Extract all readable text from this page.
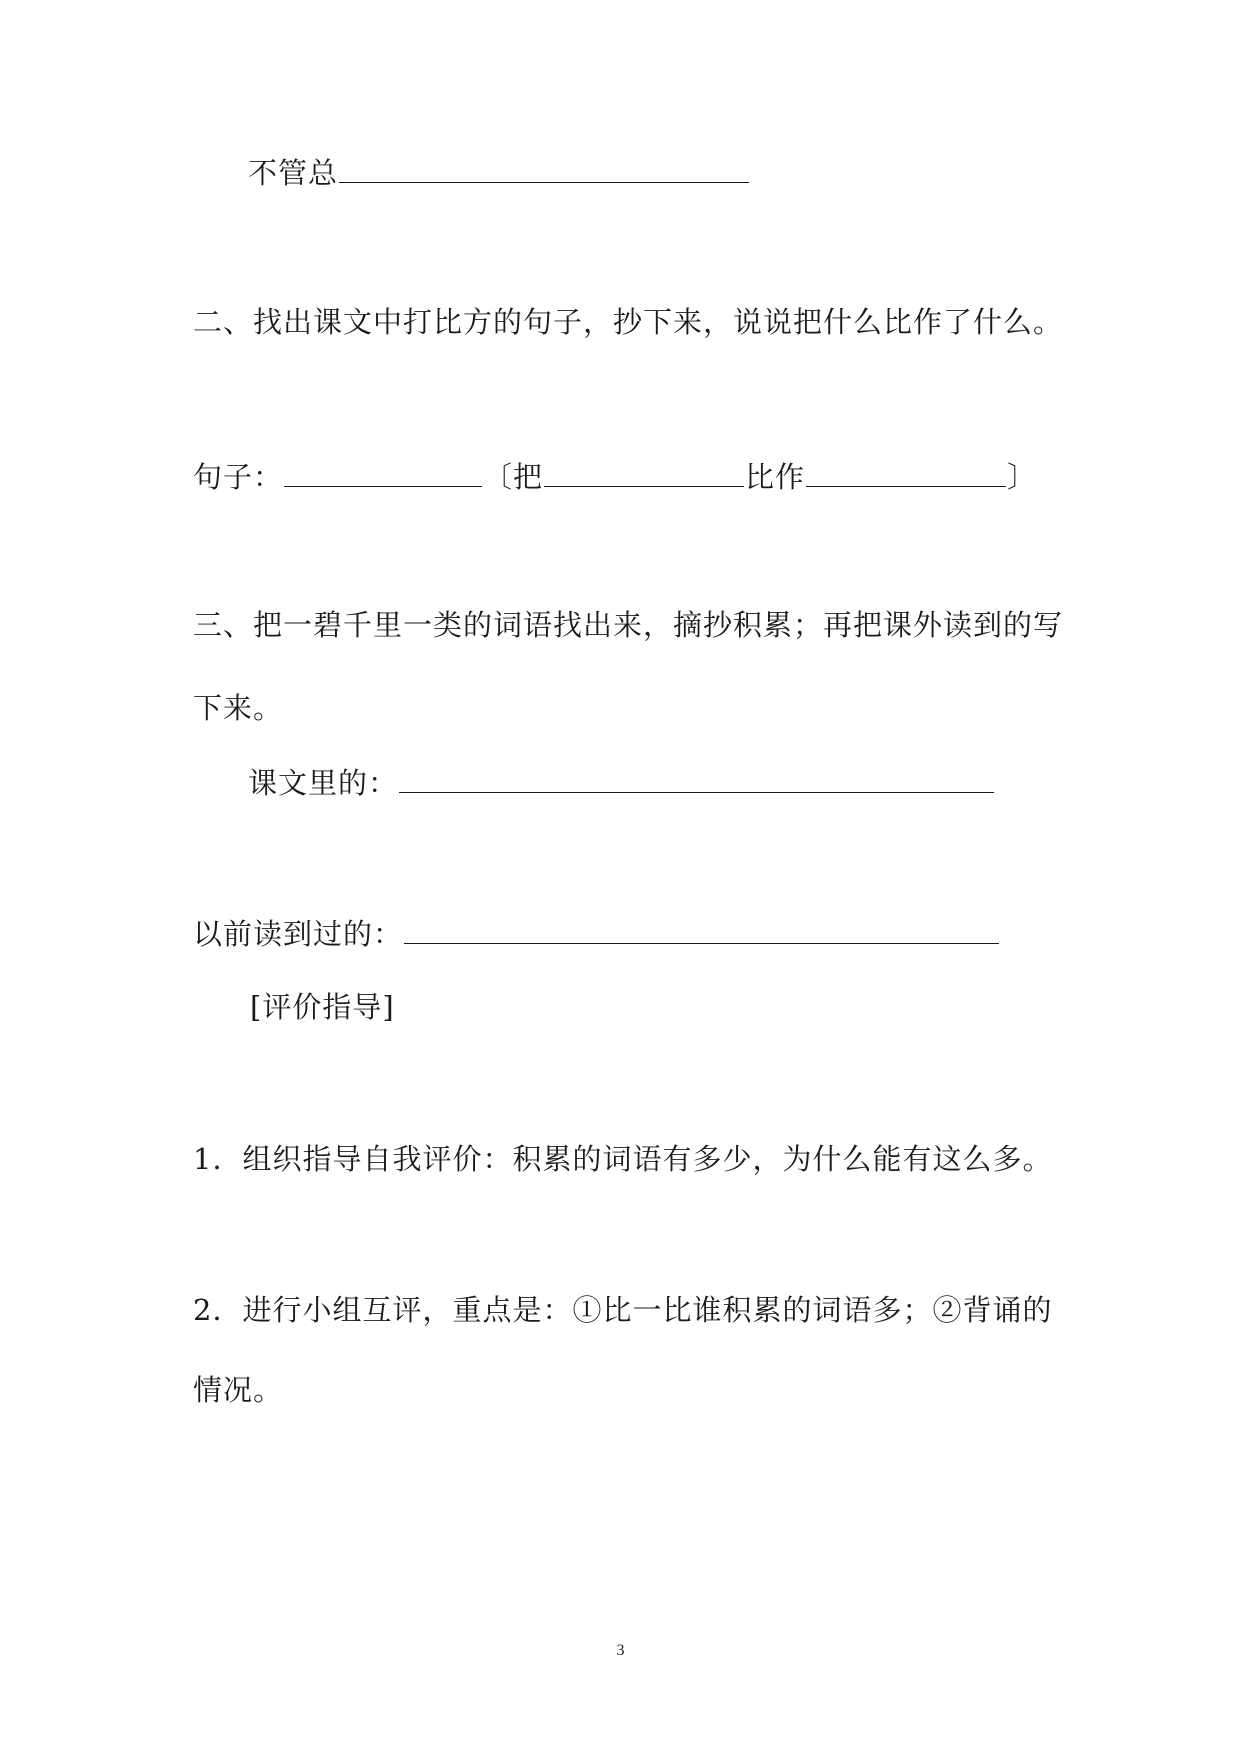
不管总
二、找出课文中打比方的句子，抄下来，说说把什么比作了什么。
句子：	〔把	比作	〕
三、把一碧千里一类的词语找出来，摘抄积累；再把课外读到的写
下来。
课文里的：
以前读到过的：
[评价指导]
1．组织指导自我评价：积累的词语有多少，为什么能有这么多。
2．进行小组互评，重点是：①比一比谁积累的词语多；②背诵的
情况。
3
